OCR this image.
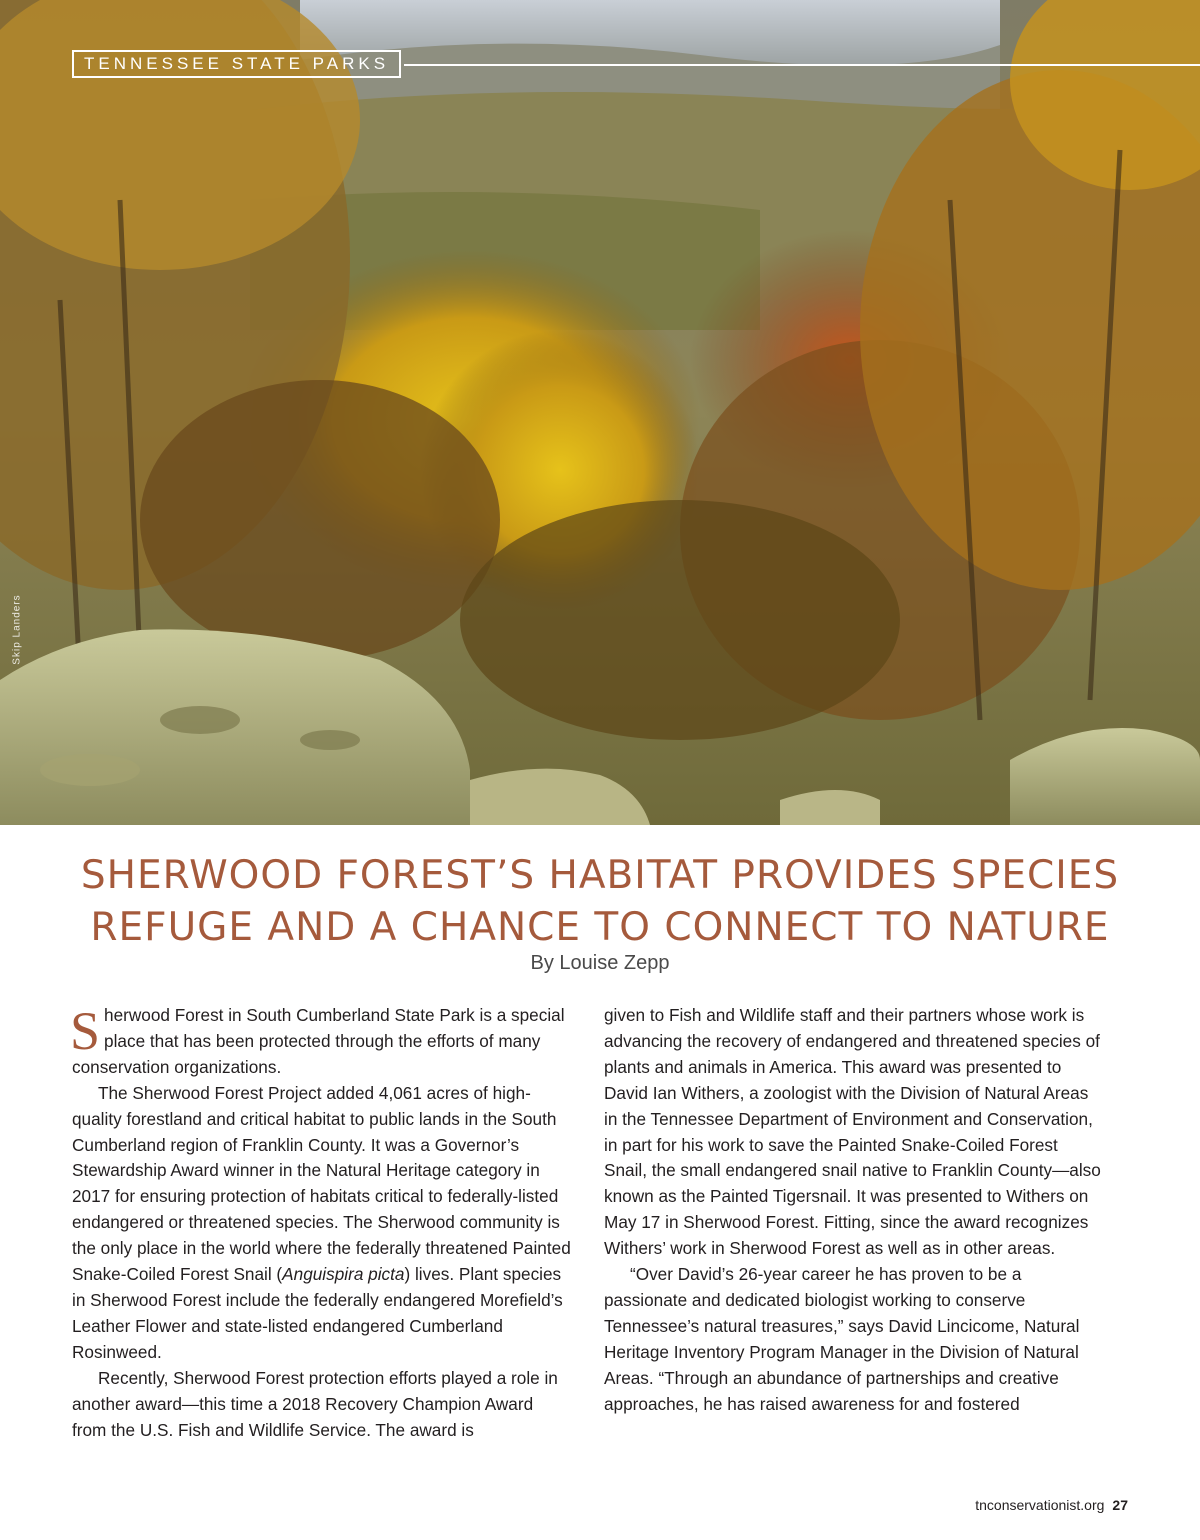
TENNESSEE STATE PARKS
Skip Landers
SHERWOOD FOREST’S HABITAT PROVIDES SPECIES
REFUGE AND A CHANCE TO CONNECT TO NATURE
By Louise Zepp

Sherwood Forest in South Cumberland State Park is a special place that has been protected through the efforts of many conservation organizations.

The Sherwood Forest Project added 4,061 acres of high-quality forestland and critical habitat to public lands in the South Cumberland region of Franklin County. It was a Governor’s Stewardship Award winner in the Natural Heritage category in 2017 for ensuring protection of habitats critical to federally-listed endangered or threatened species. The Sherwood community is the only place in the world where the federally threatened Painted Snake-Coiled Forest Snail (Anguispira picta) lives. Plant species in Sherwood Forest include the federally endangered Morefield’s Leather Flower and state-listed endangered Cumberland Rosinweed.

Recently, Sherwood Forest protection efforts played a role in another award—this time a 2018 Recovery Champion Award from the U.S. Fish and Wildlife Service. The award is

given to Fish and Wildlife staff and their partners whose work is advancing the recovery of endangered and threatened species of plants and animals in America. This award was presented to David Ian Withers, a zoologist with the Division of Natural Areas in the Tennessee Department of Environment and Conservation, in part for his work to save the Painted Snake-Coiled Forest Snail, the small endangered snail native to Franklin County—also known as the Painted Tigersnail. It was presented to Withers on May 17 in Sherwood Forest. Fitting, since the award recognizes Withers’ work in Sherwood Forest as well as in other areas.

“Over David’s 26-year career he has proven to be a passionate and dedicated biologist working to conserve Tennessee’s natural treasures,” says David Lincicome, Natural Heritage Inventory Program Manager in the Division of Natural Areas. “Through an abundance of partnerships and creative approaches, he has raised awareness for and fostered

tnconservationist.org 27
